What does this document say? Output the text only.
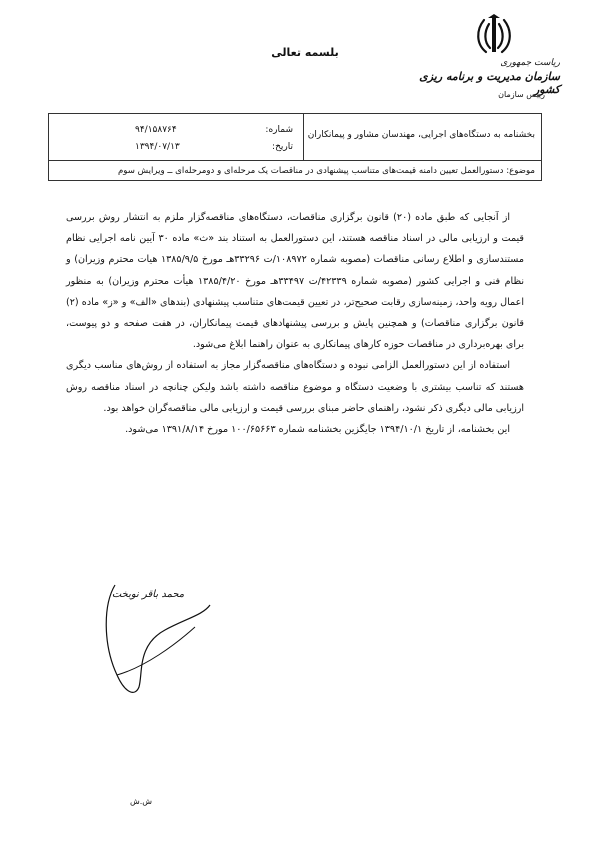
بلسمه تعالی
ریاست جمهوری
سازمان مدیریت و برنامه ریزی کشور
رییس سازمان
بخشنامه به دستگاه‌های اجرایی، مهندسان مشاور و پیمانکاران
شماره:
۹۴/۱۵۸۷۶۴
تاریخ:
۱۳۹۴/۰۷/۱۳
موضوع: دستورالعمل تعیین دامنه قیمت‌های متناسب پیشنهادی در مناقصات یک مرحله‌ای و دومرحله‌ای ــ ویرایش سوم

از آنجایی که طبق ماده (۲۰) قانون برگزاری مناقصات، دستگاه‌های مناقصه‌گزار ملزم به انتشار روش بررسی قیمت و ارزیابی مالی در اسناد مناقصه هستند، این دستورالعمل به استناد بند «ث» ماده ۳۰ آیین نامه اجرایی نظام مستندسازی و اطلاع رسانی مناقصات (مصوبه شماره ۱۰۸۹۷۲/ت ۳۳۲۹۶هـ مورخ ۱۳۸۵/۹/۵ هیات محترم وزیران) و نظام فنی و اجرایی کشور (مصوبه شماره ۴۲۳۳۹/ت ۳۳۴۹۷هـ مورخ ۱۳۸۵/۴/۲۰ هیأت محترم وزیران) به منظور اعمال رویه واحد، زمینه‌سازی رقابت صحیح‌تر، در تعیین قیمت‌های متناسب پیشنهادی (بندهای «الف» و «ز» ماده (۲) قانون برگزاری مناقصات) و همچنین پایش و بررسی پیشنهادهای قیمت پیمانکاران، در هفت صفحه و دو پیوست، برای بهره‌برداری در مناقصات حوزه کارهای پیمانکاری به عنوان راهنما ابلاغ می‌شود.

استفاده از این دستورالعمل الزامی نبوده و دستگاه‌های مناقصه‌گزار مجاز به استفاده از روش‌های مناسب دیگری هستند که تناسب بیشتری با وضعیت دستگاه و موضوع مناقصه داشته باشد ولیکن چنانچه در اسناد مناقصه روش ارزیابی مالی دیگری ذکر نشود، راهنمای حاضر مبنای بررسی قیمت و ارزیابی مالی مناقصه‌گران خواهد بود.

این بخشنامه، از تاریخ ۱۳۹۴/۱۰/۱ جایگزین بخشنامه شماره ۱۰۰/۶۵۶۶۳ مورخ ۱۳۹۱/۸/۱۴ می‌شود.

محمد باقر نوبخت
ش.ش
